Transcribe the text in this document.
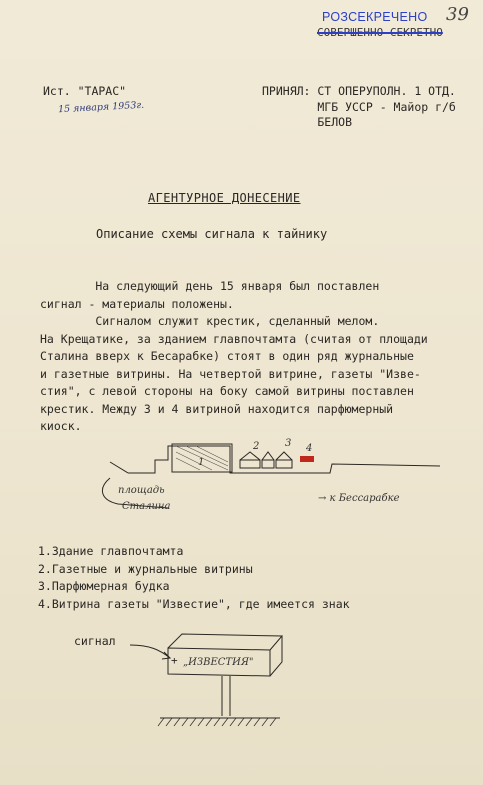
39
РОЗСЕКРЕЧЕНО
СОВЕРШЕННО СЕКРЕТНО
Ист. "ТАРАС"
15 января 1953г.
ПРИНЯЛ: СТ ОПЕРУПОЛН. 1 ОТД.
МГБ УССР - Майор г/б
БЕЛОВ
АГЕНТУРНОЕ ДОНЕСЕНИЕ
Описание схемы сигнала к тайнику
На следующий день 15 января был поставлен
сигнал - материалы положены.
Сигналом служит крестик, сделанный мелом.
На Крещатике, за зданием главпочтамта (считая от площади
Сталина вверх к Бесарабке) стоят в один ряд журнальные
и газетные витрины. На четвертой витрине, газеты "Изве-
стия", с левой стороны на боку самой витрины поставлен
крестик. Между 3 и 4 витриной находится парфюмерный
киоск.
1
2	3 4
площадь
Сталина
→ к Бессарабке
1.Здание главпочтамта
2.Газетные и журнальные витрины
3.Парфюмерная будка
4.Витрина газеты "Известие", где имеется знак
сигнал
+ „ИЗВЕСТИЯ"
